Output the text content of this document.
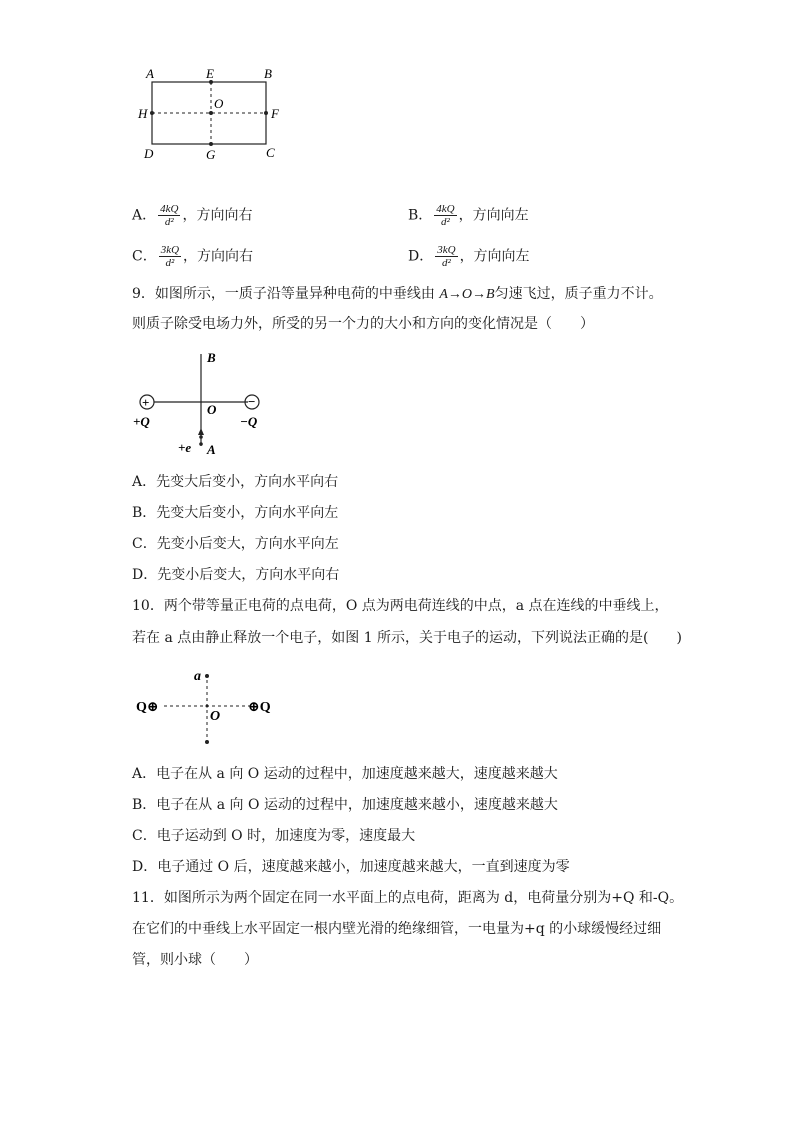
A	E	B
H
O
F
D	G	C
A． $\frac{4kQ}{\text{d²}}$ ，方向向右	B． $\frac{4kQ}{\text{d²}}$ ，方向向左
C． $\frac{3kQ}{\text{d²}}$ ，方向向右	D． $\frac{3kQ}{\text{d²}}$ ，方向向左
9．如图所示，一质子沿等量异种电荷的中垂线由 A→O→B匀速飞过，质子重力不计。
则质子除受电场力外，所受的另一个力的大小和方向的变化情况是（　　）
+	−
B
O
+Q	−Q
+e A
A．先变大后变小，方向水平向右
B．先变大后变小，方向水平向左
C．先变小后变大，方向水平向左
D．先变小后变大，方向水平向右
10．两个带等量正电荷的点电荷，O 点为两电荷连线的中点，a 点在连线的中垂线上，
若在 a 点由静止释放一个电子，如图 1 所示，关于电子的运动，下列说法正确的是(　　)
a
O
Q⊕	⊕Q
A．电子在从 a 向 O 运动的过程中，加速度越来越大，速度越来越大
B．电子在从 a 向 O 运动的过程中，加速度越来越小，速度越来越大
C．电子运动到 O 时，加速度为零，速度最大
D．电子通过 O 后，速度越来越小，加速度越来越大，一直到速度为零
11．如图所示为两个固定在同一水平面上的点电荷，距离为 d，电荷量分别为+Q 和-Q。
在它们的中垂线上水平固定一根内壁光滑的绝缘细管，一电量为+q 的小球缓慢经过细
管，则小球（　　）
